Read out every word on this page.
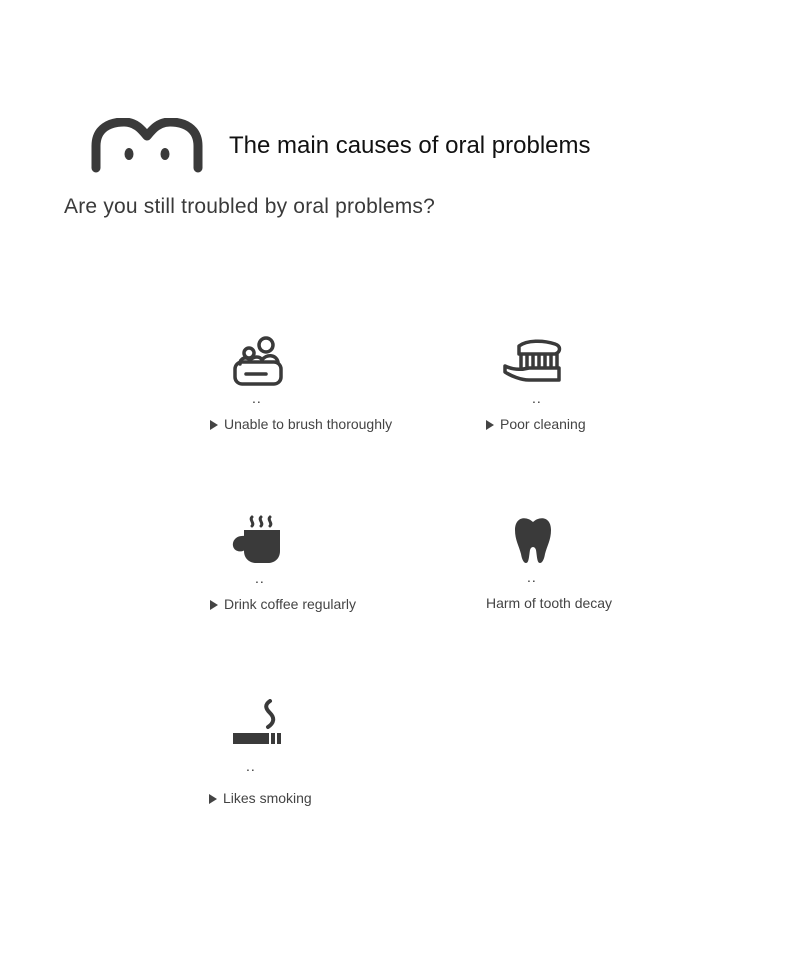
The main causes of oral problems
Are you still troubled by oral problems?
..
Unable to brush thoroughly
..
Poor cleaning
..
Drink coffee regularly
..
Harm of tooth decay
..
Likes smoking
